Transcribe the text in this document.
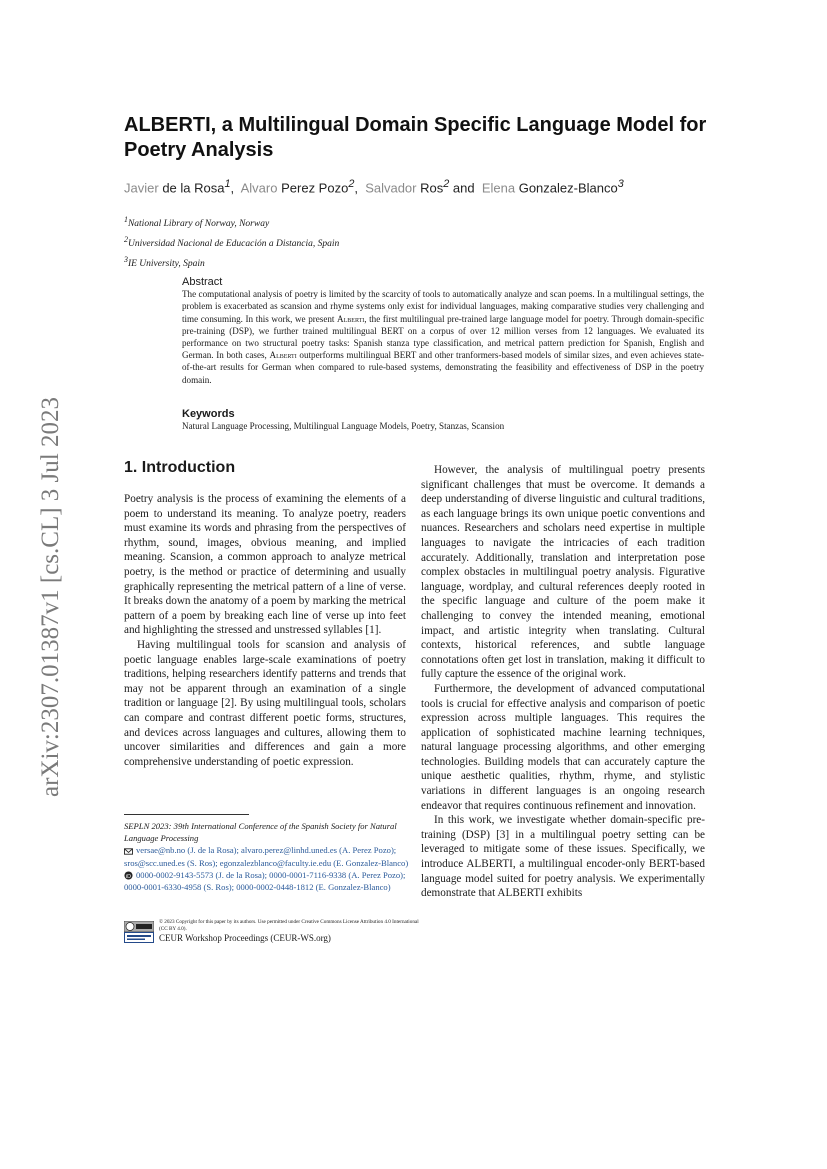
arXiv:2307.01387v1 [cs.CL] 3 Jul 2023
ALBERTI, a Multilingual Domain Specific Language Model for Poetry Analysis
Javier de la Rosa$^1$,  Alvaro Perez Pozo$^2$,  Salvador Ros$^2$ and Elena Gonzalez-Blanco$^3$
$^1$National Library of Norway, Norway
$^2$Universidad Nacional de Educación a Distancia, Spain
$^3$IE University, Spain
Abstract
The computational analysis of poetry is limited by the scarcity of tools to automatically analyze and scan poems. In a multilingual settings, the problem is exacerbated as scansion and rhyme systems only exist for individual languages, making comparative studies very challenging and time consuming. In this work, we present Alberti, the first multilingual pre-trained large language model for poetry. Through domain-specific pre-training (DSP), we further trained multilingual BERT on a corpus of over 12 million verses from 12 languages. We evaluated its performance on two structural poetry tasks: Spanish stanza type classification, and metrical pattern prediction for Spanish, English and German. In both cases, Alberti outperforms multilingual BERT and other tranformers-based models of similar sizes, and even achieves state-of-the-art results for German when compared to rule-based systems, demonstrating the feasibility and effectiveness of DSP in the poetry domain.
Keywords
Natural Language Processing, Multilingual Language Models, Poetry, Stanzas, Scansion
1. Introduction

Poetry analysis is the process of examining the elements of a poem to understand its meaning. To analyze poetry, readers must examine its words and phrasing from the perspectives of rhythm, sound, images, obvious meaning, and implied meaning. Scansion, a common approach to analyze metrical poetry, is the method or practice of determining and usually graphically representing the metrical pattern of a line of verse. It breaks down the anatomy of a poem by marking the metrical pattern of a poem by breaking each line of verse up into feet and highlighting the stressed and unstressed syllables [1].

Having multilingual tools for scansion and analysis of poetic language enables large-scale examinations of poetry traditions, helping researchers identify patterns and trends that may not be apparent through an examination of a single tradition or language [2]. By using multilingual tools, scholars can compare and contrast different poetic forms, structures, and devices across languages and cultures, allowing them to uncover similarities and differences and gain a more comprehensive understanding of poetic expression.

However, the analysis of multilingual poetry presents significant challenges that must be overcome. It demands a deep understanding of diverse linguistic and cultural traditions, as each language brings its own unique poetic conventions and nuances. Researchers and scholars need expertise in multiple languages to navigate the intricacies of each tradition accurately. Additionally, translation and interpretation pose complex obstacles in multilingual poetry analysis. Figurative language, wordplay, and cultural references deeply rooted in the specific language and culture of the poem make it challenging to convey the intended meaning, emotional impact, and artistic integrity when translating. Cultural contexts, historical references, and subtle language connotations often get lost in translation, making it difficult to fully capture the essence of the original work.

Furthermore, the development of advanced computational tools is crucial for effective analysis and comparison of poetic expression across multiple languages. This requires the application of sophisticated machine learning techniques, natural language processing algorithms, and other emerging technologies. Building models that can accurately capture the unique aesthetic qualities, rhythm, rhyme, and stylistic variations in different languages is an ongoing research endeavor that requires continuous refinement and innovation.

In this work, we investigate whether domain-specific pre-training (DSP) [3] in a multilingual poetry setting can be leveraged to mitigate some of these issues. Specifically, we introduce ALBERTI, a multilingual encoder-only BERT-based language model suited for poetry analysis. We experimentally demonstrate that ALBERTI exhibits

SEPLN 2023: 39th International Conference of the Spanish Society for Natural Language Processing
versae@nb.no (J. de la Rosa); alvaro.perez@linhd.uned.es (A. Perez Pozo); sros@scc.uned.es (S. Ros); egonzalezblanco@faculty.ie.edu (E. Gonzalez-Blanco)
iD 0000-0002-9143-5573 (J. de la Rosa); 0000-0001-7116-9338 (A. Perez Pozo); 0000-0001-6330-4958 (S. Ros); 0000-0002-0448-1812 (E. Gonzalez-Blanco)
© 2023 Copyright for this paper by its authors. Use permitted under Creative Commons License Attribution 4.0 International (CC BY 4.0).
CEUR Workshop Proceedings (CEUR-WS.org)
